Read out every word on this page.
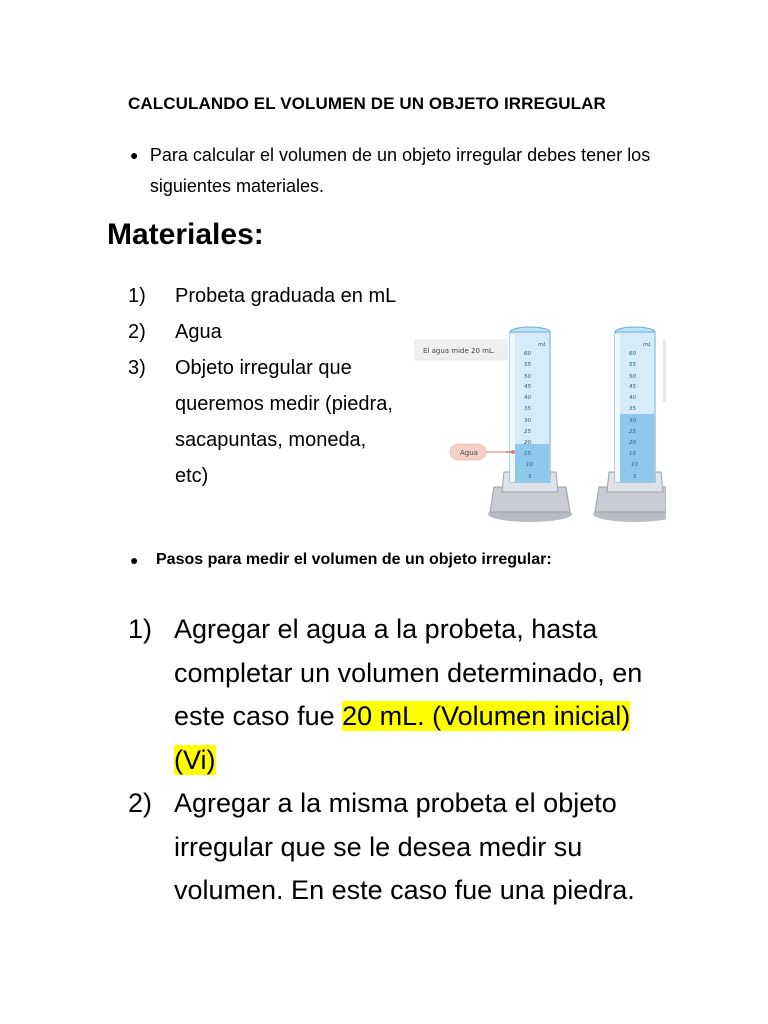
CALCULANDO EL VOLUMEN DE UN OBJETO IRREGULAR
● Para calcular el volumen de un objeto irregular debes tener los siguientes materiales.
Materiales:
1)	Probeta graduada en mL
2)	Agua
3)	Objeto irregular que queremos medir (piedra, sacapuntas, moneda, etc)
mL
60
55
50
45
40
35
30
25
20
15
10
5
El agua mide 20 mL.
Agua
mL
60
55
50
45
40
35
30
25
20
15
10
5
●	Pasos para medir el volumen de un objeto irregular:
1) Agregar el agua a la probeta, hasta completar un volumen determinado, en este caso fue 20 mL. (Volumen inicial) (Vi)
2) Agregar a la misma probeta el objeto irregular que se le desea medir su volumen. En este caso fue una piedra.
